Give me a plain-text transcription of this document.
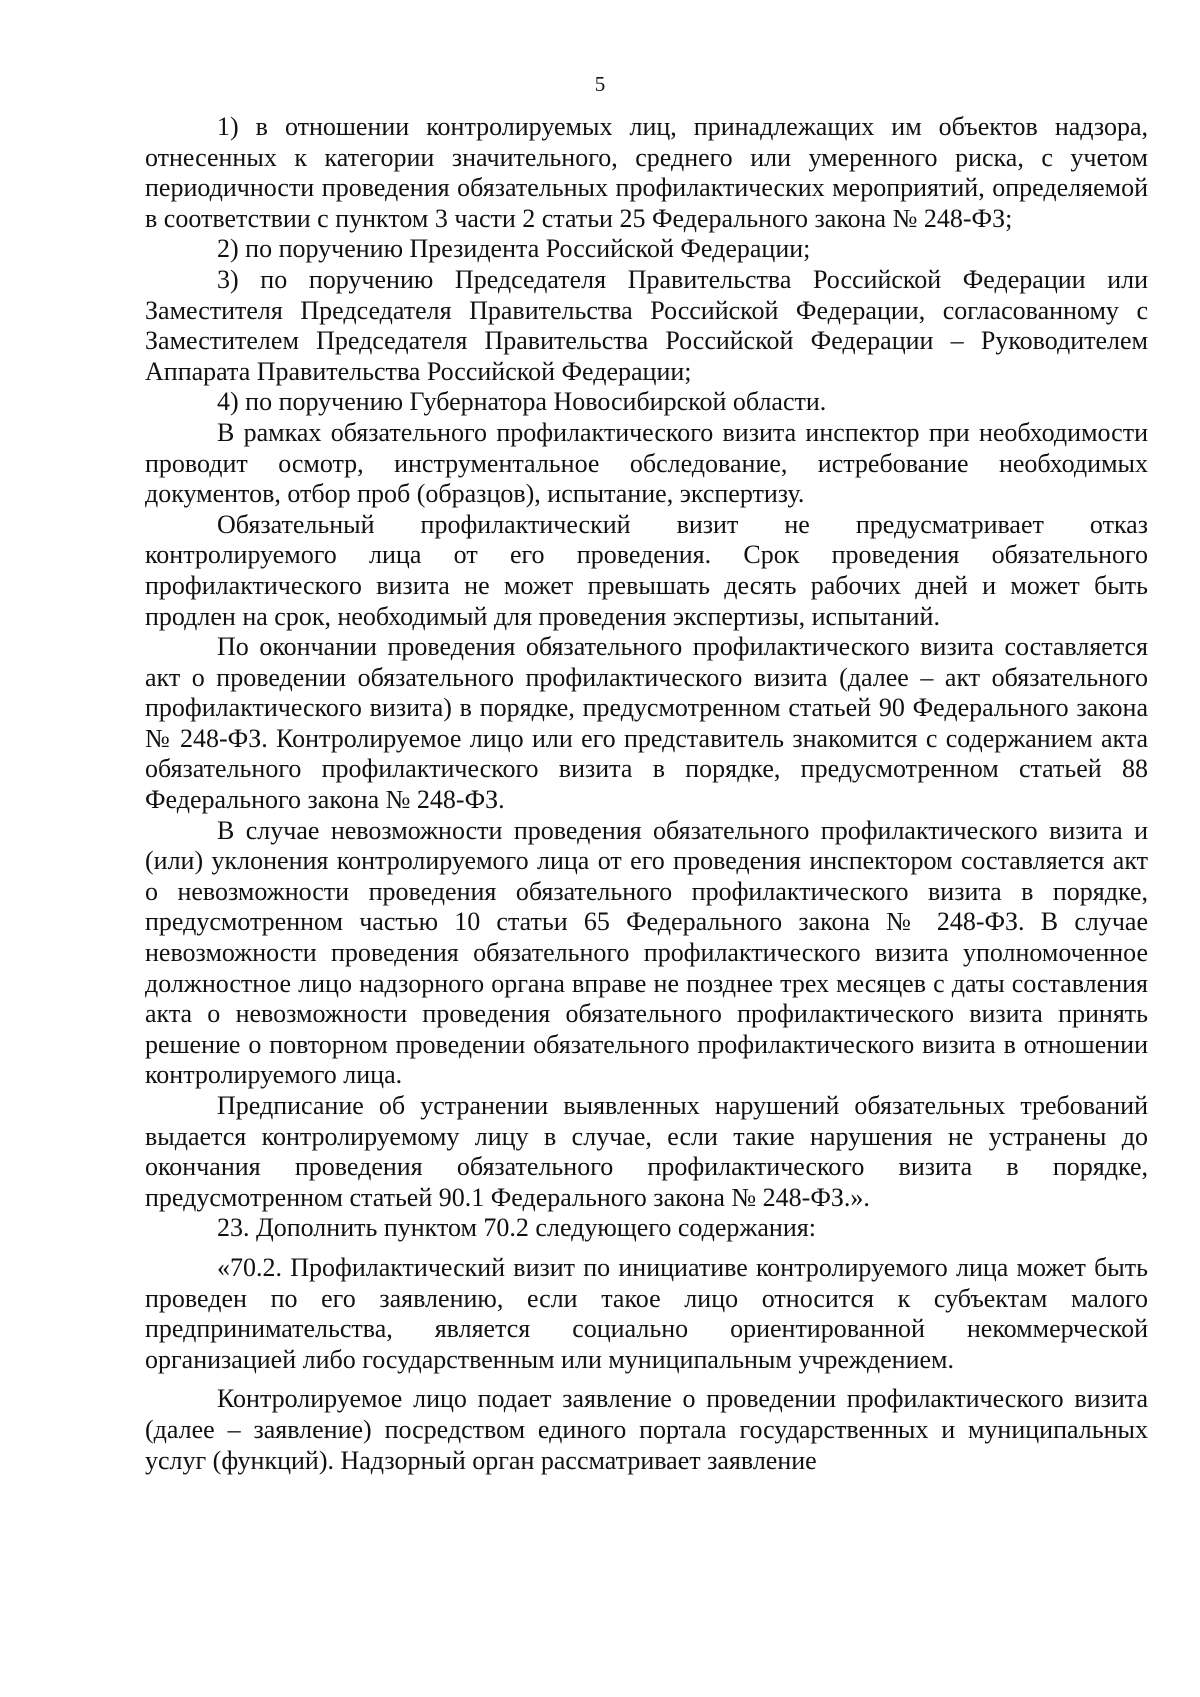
5

1) в отношении контролируемых лиц, принадлежащих им объектов надзора, отнесенных к категории значительного, среднего или умеренного риска, с учетом периодичности проведения обязательных профилактических мероприятий, определяемой в соответствии с пунктом 3 части 2 статьи 25 Федерального закона № 248-ФЗ;

2) по поручению Президента Российской Федерации;

3) по поручению Председателя Правительства Российской Федерации или Заместителя Председателя Правительства Российской Федерации, согласованному с Заместителем Председателя Правительства Российской Федерации – Руководителем Аппарата Правительства Российской Федерации;

4) по поручению Губернатора Новосибирской области.

В рамках обязательного профилактического визита инспектор при необходимости проводит осмотр, инструментальное обследование, истребование необходимых документов, отбор проб (образцов), испытание, экспертизу.

Обязательный профилактический визит не предусматривает отказ контролируемого лица от его проведения. Срок проведения обязательного профилактического визита не может превышать десять рабочих дней и может быть продлен на срок, необходимый для проведения экспертизы, испытаний.

По окончании проведения обязательного профилактического визита составляется акт о проведении обязательного профилактического визита (далее – акт обязательного профилактического визита) в порядке, предусмотренном статьей 90 Федерального закона № 248-ФЗ. Контролируемое лицо или его представитель знакомится с содержанием акта обязательного профилактического визита в порядке, предусмотренном статьей 88 Федерального закона № 248-ФЗ.

В случае невозможности проведения обязательного профилактического визита и (или) уклонения контролируемого лица от его проведения инспектором составляется акт о невозможности проведения обязательного профилактического визита в порядке, предусмотренном частью 10 статьи 65 Федерального закона № 248-ФЗ. В случае невозможности проведения обязательного профилактического визита уполномоченное должностное лицо надзорного органа вправе не позднее трех месяцев с даты составления акта о невозможности проведения обязательного профилактического визита принять решение о повторном проведении обязательного профилактического визита в отношении контролируемого лица.

Предписание об устранении выявленных нарушений обязательных требований выдается контролируемому лицу в случае, если такие нарушения не устранены до окончания проведения обязательного профилактического визита в порядке, предусмотренном статьей 90.1 Федерального закона № 248-ФЗ.».

23. Дополнить пунктом 70.2 следующего содержания:

«70.2. Профилактический визит по инициативе контролируемого лица может быть проведен по его заявлению, если такое лицо относится к субъектам малого предпринимательства, является социально ориентированной некоммерческой организацией либо государственным или муниципальным учреждением.

Контролируемое лицо подает заявление о проведении профилактического визита (далее – заявление) посредством единого портала государственных и муниципальных услуг (функций). Надзорный орган рассматривает заявление
